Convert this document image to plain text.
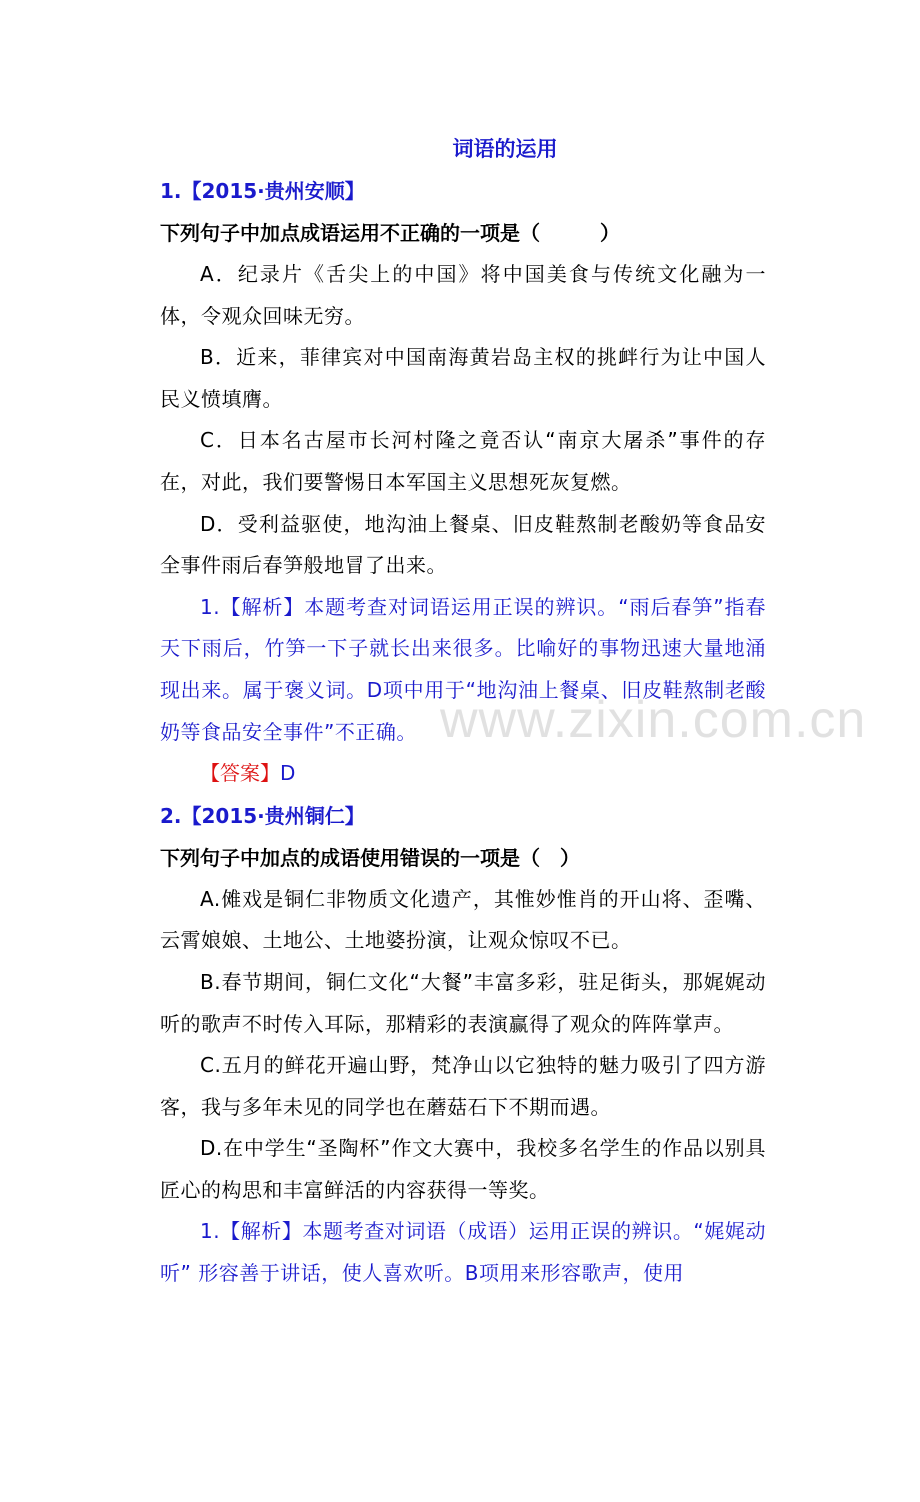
www.zixin.com.cn
词语的运用

1.【2015·贵州安顺】

下列句子中加点成语运用不正确的一项是（　　　）

A．纪录片《舌尖上的中国》将中国美食与传统文化融为一体，令观众回味无穷。

B．近来，菲律宾对中国南海黄岩岛主权的挑衅行为让中国人民义愤填膺。

C．日本名古屋市长河村隆之竟否认“南京大屠杀”事件的存在，对此，我们要警惕日本军国主义思想死灰复燃。

D．受利益驱使，地沟油上餐桌、旧皮鞋熬制老酸奶等食品安全事件雨后春笋般地冒了出来。

1.【解析】本题考查对词语运用正误的辨识。“雨后春笋”指春天下雨后，竹笋一下子就长出来很多。比喻好的事物迅速大量地涌现出来。属于褒义词。D项中用于“地沟油上餐桌、旧皮鞋熬制老酸奶等食品安全事件”不正确。

【答案】D

2.【2015·贵州铜仁】

下列句子中加点的成语使用错误的一项是（　）

A.傩戏是铜仁非物质文化遗产，其惟妙惟肖的开山将、歪嘴、云霄娘娘、土地公、土地婆扮演，让观众惊叹不已。

B.春节期间，铜仁文化“大餐”丰富多彩，驻足街头，那娓娓动听的歌声不时传入耳际，那精彩的表演赢得了观众的阵阵掌声。

C.五月的鲜花开遍山野，梵净山以它独特的魅力吸引了四方游客，我与多年未见的同学也在蘑菇石下不期而遇。

D.在中学生“圣陶杯”作文大赛中，我校多名学生的作品以别具匠心的构思和丰富鲜活的内容获得一等奖。

1.【解析】本题考查对词语（成语）运用正误的辨识。“娓娓动听” 形容善于讲话，使人喜欢听。B项用来形容歌声，使用
